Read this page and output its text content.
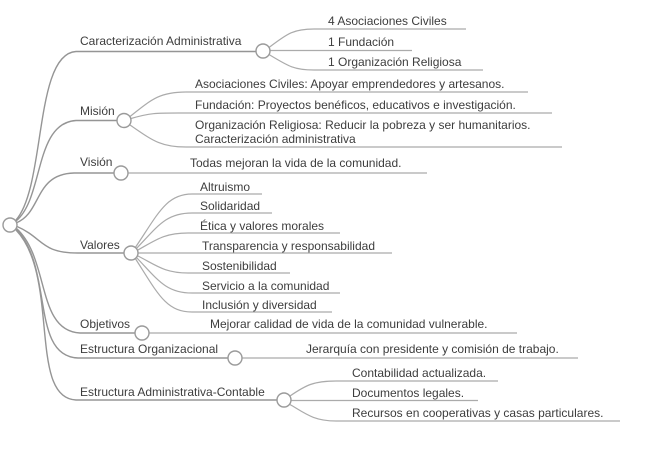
Caracterización Administrativa
Misión
Visión
Valores
Objetivos
Estructura Organizacional
Estructura Administrativa-Contable
4 Asociaciones Civiles
1 Fundación
1 Organización Religiosa
Asociaciones Civiles: Apoyar emprendedores y artesanos.
Fundación: Proyectos benéficos, educativos e investigación.
Organización Religiosa: Reducir la pobreza y ser humanitarios.
Caracterización administrativa
Todas mejoran la vida de la comunidad.
Altruismo
Solidaridad
Ética y valores morales
Transparencia y responsabilidad
Sostenibilidad
Servicio a la comunidad
Inclusión y diversidad
Mejorar calidad de vida de la comunidad vulnerable.
Jerarquía con presidente y comisión de trabajo.
Contabilidad actualizada.
Documentos legales.
Recursos en cooperativas y casas particulares.
